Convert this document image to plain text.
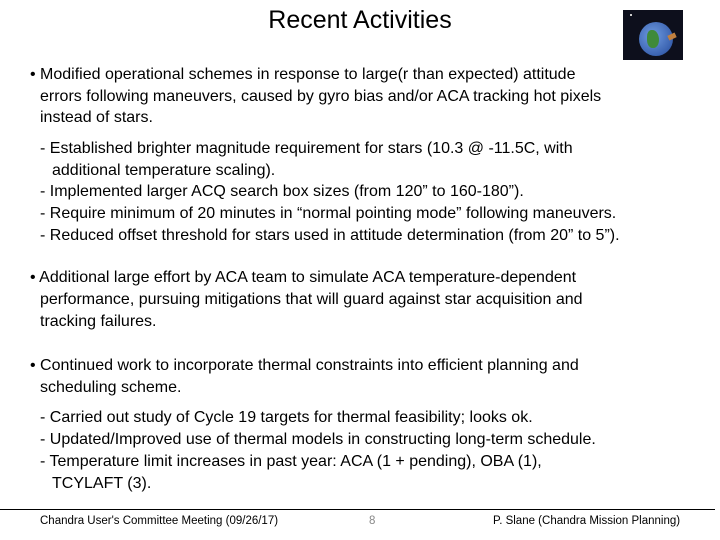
Recent Activities
• Modified operational schemes in response to large(r than expected) attitude
errors following maneuvers, caused by gyro bias and/or ACA tracking hot pixels
instead of stars.
- Established brighter magnitude requirement for stars (10.3 @ -11.5C, with
additional temperature scaling).
- Implemented larger ACQ search box sizes (from 120” to 160-180”).
- Require minimum of 20 minutes in “normal pointing mode” following maneuvers.
- Reduced offset threshold for stars used in attitude determination (from 20” to 5”).
• Additional large effort by ACA team to simulate ACA temperature-dependent
performance, pursuing mitigations that will guard against star acquisition and
tracking failures.
• Continued work to incorporate thermal constraints into efficient planning and
scheduling scheme.
- Carried out study of Cycle 19 targets for thermal feasibility; looks ok.
- Updated/Improved use of thermal models in constructing long-term schedule.
- Temperature limit increases in past year: ACA (1 + pending), OBA (1),
TCYLAFT (3).
Chandra User's Committee Meeting (09/26/17)	8	P. Slane (Chandra Mission Planning)
